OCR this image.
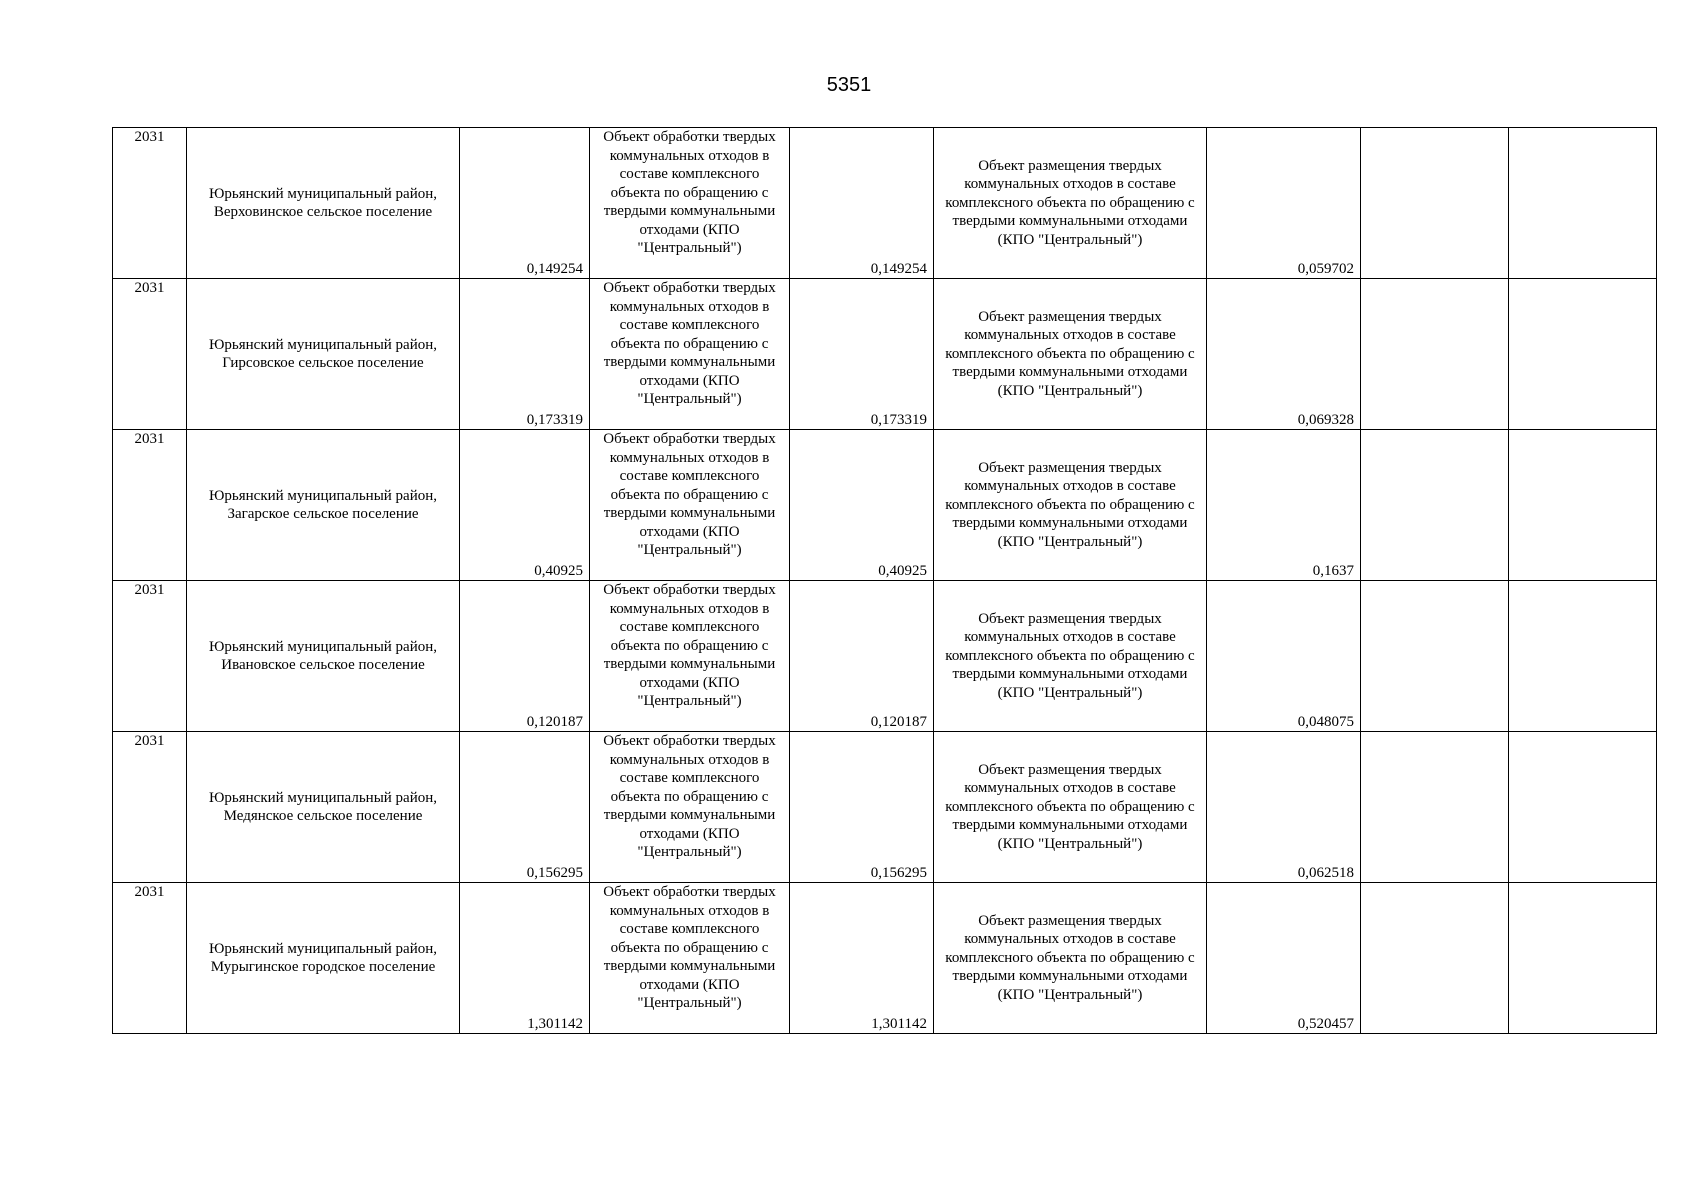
5351
2031	Юрьянский муниципальный район, Верховинское сельское поселение	0,149254	Объект обработки твердых коммунальных отходов в составе комплексного объекта по обращению с твердыми коммунальными отходами (КПО "Центральный")	0,149254	Объект размещения твердых коммунальных отходов в составе комплексного объекта по обращению с твердыми коммунальными отходами (КПО "Центральный")	0,059702		
2031	Юрьянский муниципальный район, Гирсовское сельское поселение	0,173319	Объект обработки твердых коммунальных отходов в составе комплексного объекта по обращению с твердыми коммунальными отходами (КПО "Центральный")	0,173319	Объект размещения твердых коммунальных отходов в составе комплексного объекта по обращению с твердыми коммунальными отходами (КПО "Центральный")	0,069328		
2031	Юрьянский муниципальный район, Загарское сельское поселение	0,40925	Объект обработки твердых коммунальных отходов в составе комплексного объекта по обращению с твердыми коммунальными отходами (КПО "Центральный")	0,40925	Объект размещения твердых коммунальных отходов в составе комплексного объекта по обращению с твердыми коммунальными отходами (КПО "Центральный")	0,1637		
2031	Юрьянский муниципальный район, Ивановское сельское поселение	0,120187	Объект обработки твердых коммунальных отходов в составе комплексного объекта по обращению с твердыми коммунальными отходами (КПО "Центральный")	0,120187	Объект размещения твердых коммунальных отходов в составе комплексного объекта по обращению с твердыми коммунальными отходами (КПО "Центральный")	0,048075		
2031	Юрьянский муниципальный район, Медянское сельское поселение	0,156295	Объект обработки твердых коммунальных отходов в составе комплексного объекта по обращению с твердыми коммунальными отходами (КПО "Центральный")	0,156295	Объект размещения твердых коммунальных отходов в составе комплексного объекта по обращению с твердыми коммунальными отходами (КПО "Центральный")	0,062518		
2031	Юрьянский муниципальный район, Мурыгинское городское поселение	1,301142	Объект обработки твердых коммунальных отходов в составе комплексного объекта по обращению с твердыми коммунальными отходами (КПО "Центральный")	1,301142	Объект размещения твердых коммунальных отходов в составе комплексного объекта по обращению с твердыми коммунальными отходами (КПО "Центральный")	0,520457		
